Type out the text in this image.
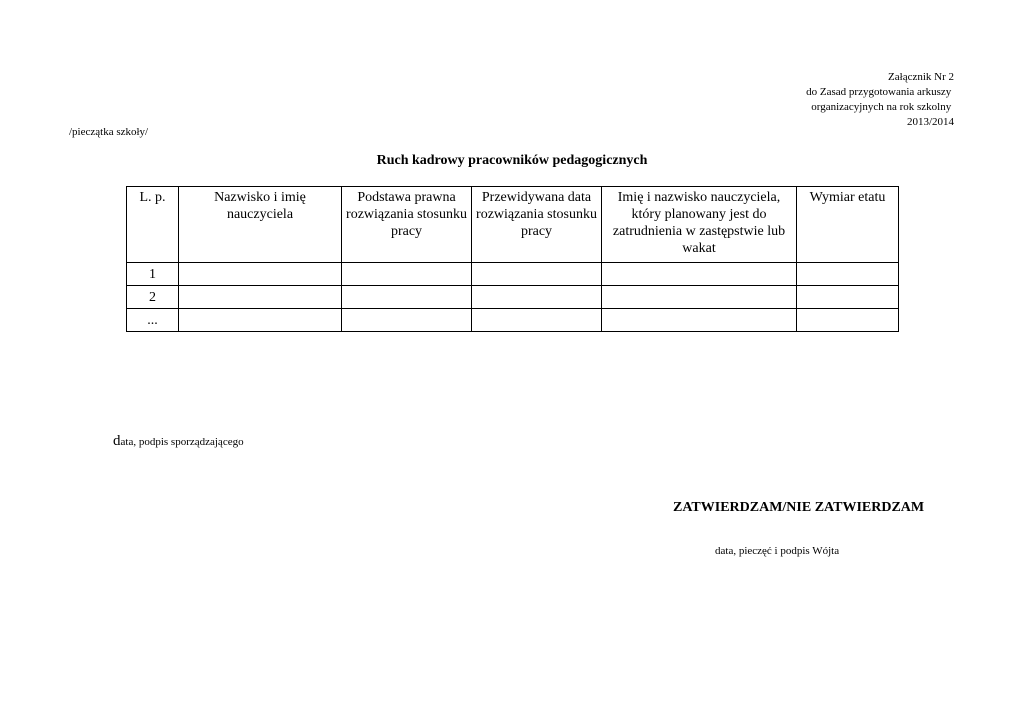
Załącznik Nr 2
do Zasad przygotowania arkuszy
organizacyjnych na rok szkolny
2013/2014
/pieczątka szkoły/
Ruch kadrowy pracowników pedagogicznych
L. p.	Nazwisko i imię nauczyciela	Podstawa prawna rozwiązania stosunku pracy	Przewidywana data rozwiązania stosunku pracy	Imię i nazwisko nauczyciela, który planowany jest do zatrudnienia w zastępstwie lub wakat	Wymiar etatu
1					
2					
...					
data, podpis sporządzającego
ZATWIERDZAM/NIE ZATWIERDZAM
data, pieczęć i podpis Wójta
